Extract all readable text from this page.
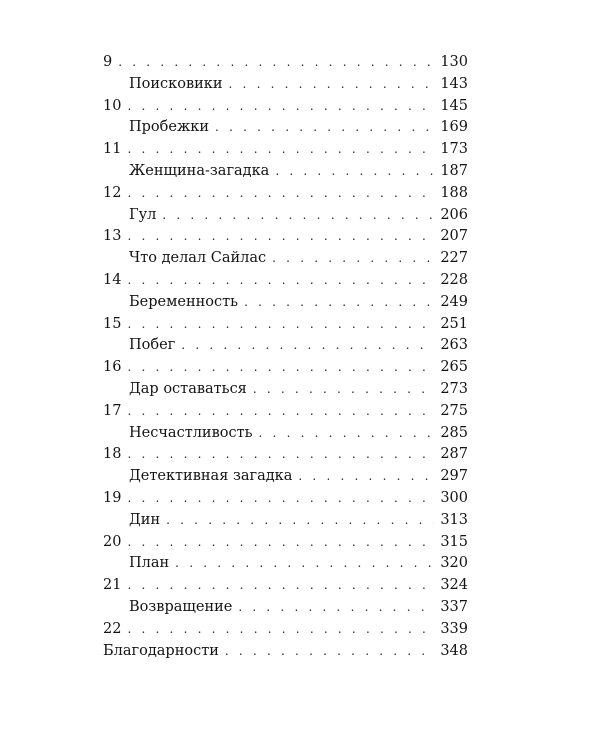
9 . . .	130
Поисковики . . .	143
10 . . .	145
Пробежки . . .	169
11 . . .	173
Женщина-загадка . . .	187
12 . . .	188
Гул . . .	206
13 . . .	207
Что делал Сайлас . . .	227
14 . . .	228
Беременность . . .	249
15 . . .	251
Побег . . .	263
16 . . .	265
Дар оставаться . . .	273
17 . . .	275
Несчастливость . . .	285
18 . . .	287
Детективная загадка . . .	297
19 . . .	300
Дин . . .	313
20 . . .	315
План . . .	320
21 . . .	324
Возвращение . . .	337
22 . . .	339
Благодарности . . .	348
